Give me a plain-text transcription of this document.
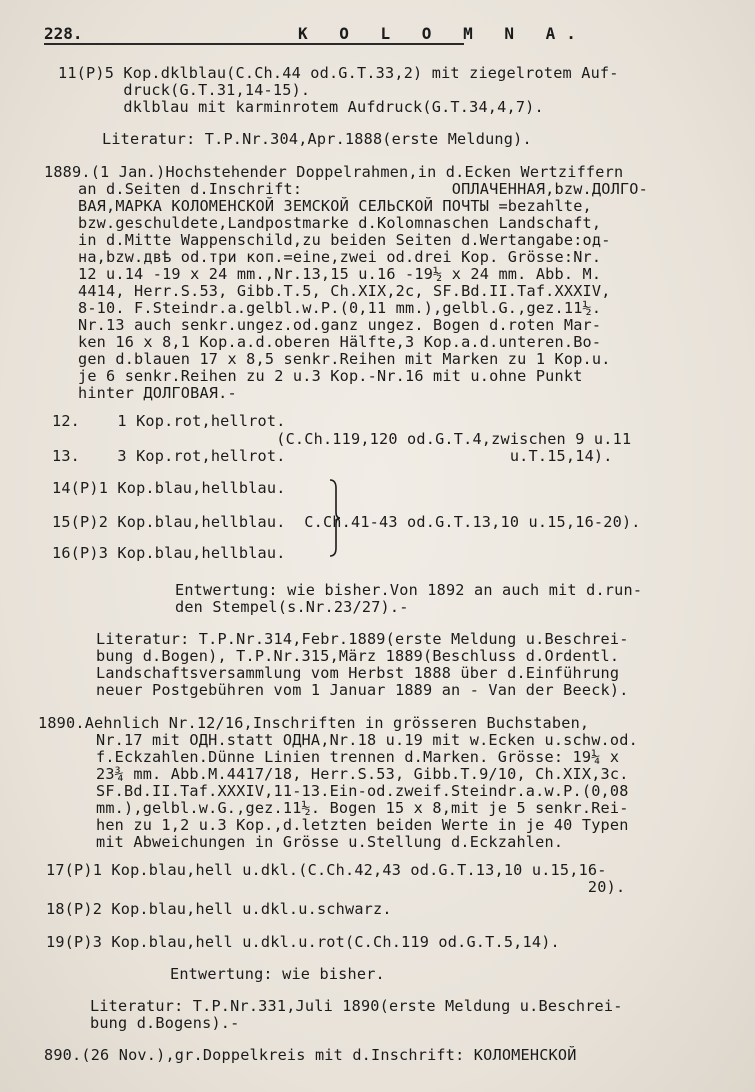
228.	K O L O M N A.
11(P)5 Kop.dklblau(C.Ch.44 od.G.T.33,2) mit ziegelrotem Auf-
druck(G.T.31,14-15).
dklblau mit karminrotem Aufdruck(G.T.34,4,7).
Literatur: T.P.Nr.304,Apr.1888(erste Meldung).
1889.(1 Jan.)Hochstehender Doppelrahmen,in d.Ecken Wertziffern
an d.Seiten d.Inschrift:                ОПЛАЧЕННАЯ,bzw.ДОЛГО-
ВАЯ,МАРКА КОЛОМЕНСКОЙ ЗЕМСКОЙ СЕЛЬСКОЙ ПОЧТЫ =bezahlte,
bzw.geschuldete,Landpostmarke d.Kolomnaschen Landschaft,
in d.Mitte Wappenschild,zu beiden Seiten d.Wertangabe:од-
на,bzw.двѣ od.три коп.=eine,zwei od.drei Kop. Grösse:Nr.
12 u.14 -19 x 24 mm.,Nr.13,15 u.16 -19½ x 24 mm. Abb. M.
4414, Herr.S.53, Gibb.T.5, Ch.XIX,2c, SF.Bd.II.Taf.XXXIV,
8-10. F.Steindr.a.gelbl.w.P.(0,11 mm.),gelbl.G.,gez.11½.
Nr.13 auch senkr.ungez.od.ganz ungez. Bogen d.roten Mar-
ken 16 x 8,1 Kop.a.d.oberen Hälfte,3 Kop.a.d.unteren.Bo-
gen d.blauen 17 x 8,5 senkr.Reihen mit Marken zu 1 Kop.u.
je 6 senkr.Reihen zu 2 u.3 Kop.-Nr.16 mit u.ohne Punkt
hinter ДОЛГОВАЯ.-
12.    1 Kop.rot,hellrot.
(C.Ch.119,120 od.G.T.4,zwischen 9 u.11
13.    3 Kop.rot,hellrot.                        u.T.15,14).
14(P)1 Kop.blau,hellblau.
15(P)2 Kop.blau,hellblau.  C.Ch.41-43 od.G.T.13,10 u.15,16-20).
16(P)3 Kop.blau,hellblau.
Entwertung: wie bisher.Von 1892 an auch mit d.run-
den Stempel(s.Nr.23/27).-
Literatur: T.P.Nr.314,Febr.1889(erste Meldung u.Beschrei-
bung d.Bogen), T.P.Nr.315,März 1889(Beschluss d.Ordentl.
Landschaftsversammlung vom Herbst 1888 über d.Einführung
neuer Postgebühren vom 1 Januar 1889 an - Van der Beeck).
1890.Aehnlich Nr.12/16,Inschriften in grösseren Buchstaben,
Nr.17 mit ОДН.statt ОДНА,Nr.18 u.19 mit w.Ecken u.schw.od.
f.Eckzahlen.Dünne Linien trennen d.Marken. Grösse: 19¼ x
23¾ mm. Abb.M.4417/18, Herr.S.53, Gibb.T.9/10, Ch.XIX,3c.
SF.Bd.II.Taf.XXXIV,11-13.Ein-od.zweif.Steindr.a.w.P.(0,08
mm.),gelbl.w.G.,gez.11½. Bogen 15 x 8,mit je 5 senkr.Rei-
hen zu 1,2 u.3 Kop.,d.letzten beiden Werte in je 40 Typen
mit Abweichungen in Grösse u.Stellung d.Eckzahlen.
17(P)1 Kop.blau,hell u.dkl.(C.Ch.42,43 od.G.T.13,10 u.15,16-
20).
18(P)2 Kop.blau,hell u.dkl.u.schwarz.
19(P)3 Kop.blau,hell u.dkl.u.rot(C.Ch.119 od.G.T.5,14).
Entwertung: wie bisher.
Literatur: T.P.Nr.331,Juli 1890(erste Meldung u.Beschrei-
bung d.Bogens).-
890.(26 Nov.),gr.Doppelkreis mit d.Inschrift: КОЛОМЕНСКОЙ
